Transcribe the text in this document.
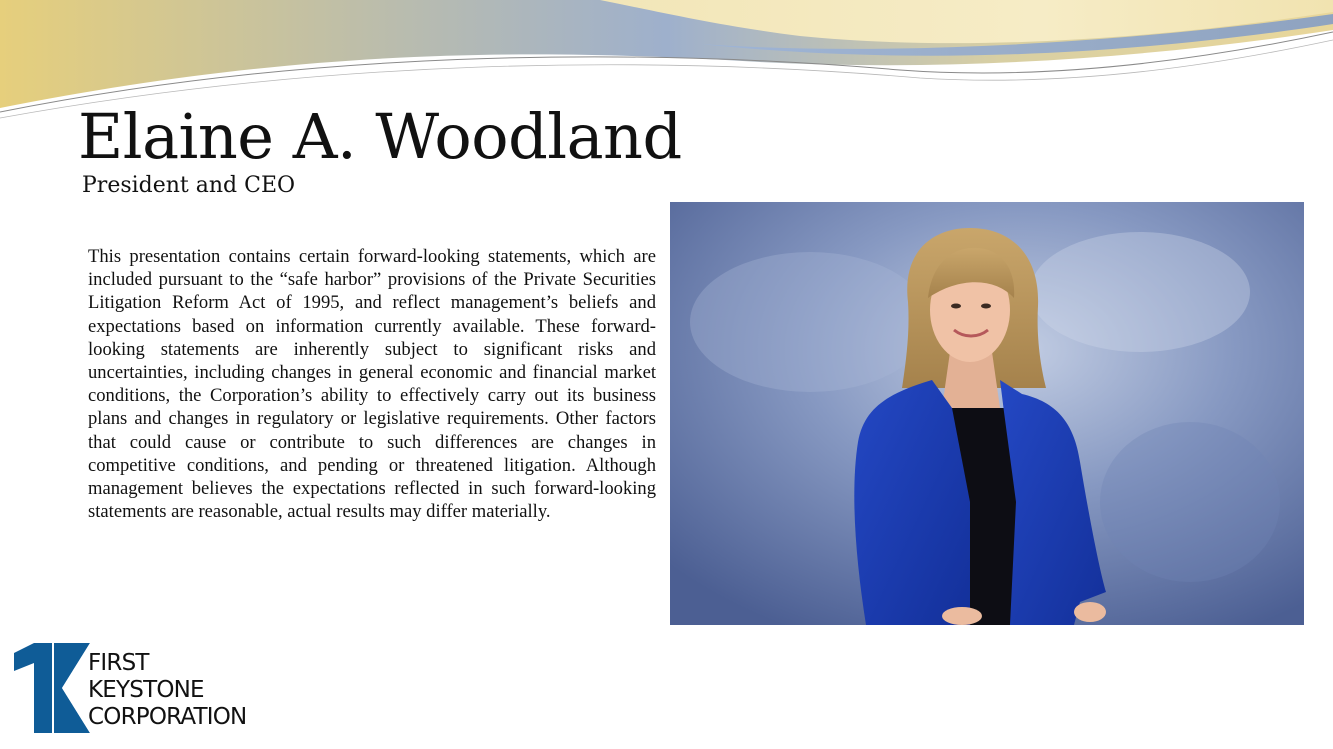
Elaine A. Woodland
President and CEO

This presentation contains certain forward-looking statements, which are included pursuant to the “safe harbor” provisions of the Private Securities Litigation Reform Act of 1995, and reflect management’s beliefs and expectations based on information currently available. These forward-looking statements are inherently subject to significant risks and uncertainties, including changes in general economic and financial market conditions, the Corporation’s ability to effectively carry out its business plans and changes in regulatory or legislative requirements. Other factors that could cause or contribute to such differences are changes in competitive conditions, and pending or threatened litigation. Although management believes the expectations reflected in such forward-looking statements are reasonable, actual results may differ materially.

FIRST
KEYSTONE
CORPORATION
